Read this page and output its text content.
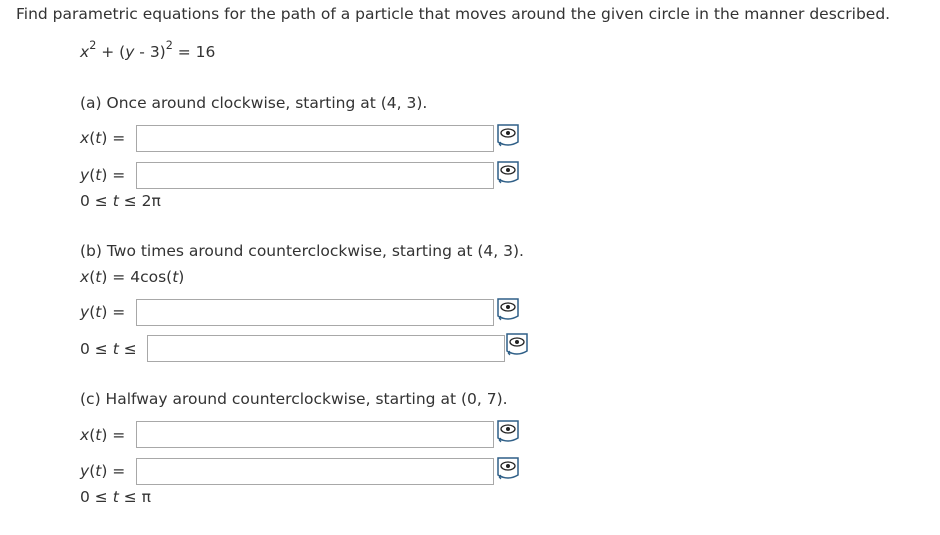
Find parametric equations for the path of a particle that moves around the given circle in the manner described.
$x^2 + (y - 3)^2 = 16$
(a) Once around clockwise, starting at (4, 3).
x(t) =
y(t) =
0 ≤ t ≤ 2π
(b) Two times around counterclockwise, starting at (4, 3).
x(t) = 4cos(t)
y(t) =
0 ≤ t ≤
(c) Halfway around counterclockwise, starting at (0, 7).
x(t) =
y(t) =
0 ≤ t ≤ π
